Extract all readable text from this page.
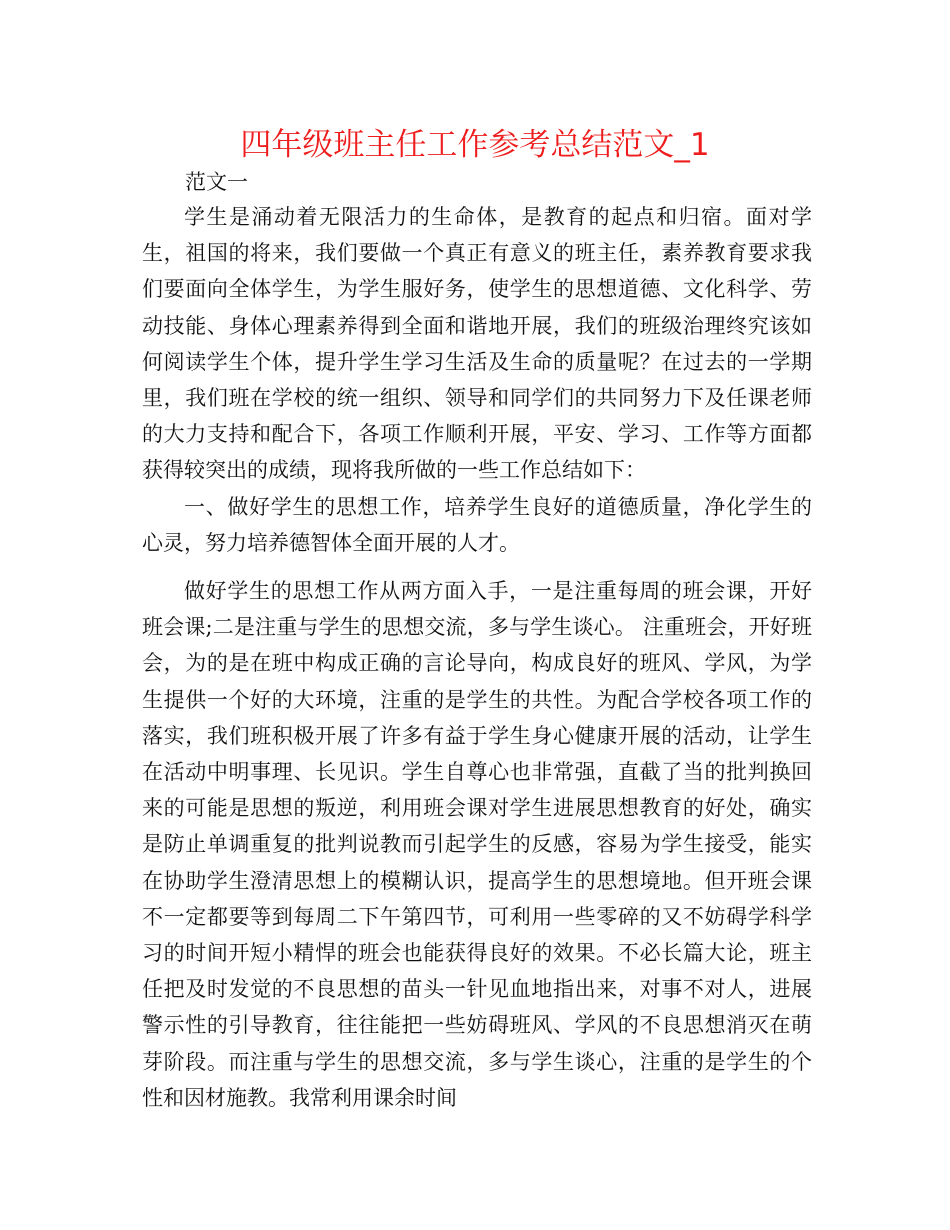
四年级班主任工作参考总结范文_1
范文一

学生是涌动着无限活力的生命体，是教育的起点和归宿。面对学生，祖国的将来，我们要做一个真正有意义的班主任，素养教育要求我们要面向全体学生，为学生服好务，使学生的思想道德、文化科学、劳动技能、身体心理素养得到全面和谐地开展，我们的班级治理终究该如何阅读学生个体，提升学生学习生活及生命的质量呢？在过去的一学期里，我们班在学校的统一组织、领导和同学们的共同努力下及任课老师的大力支持和配合下，各项工作顺利开展，平安、学习、工作等方面都获得较突出的成绩，现将我所做的一些工作总结如下：

一、做好学生的思想工作，培养学生良好的道德质量，净化学生的心灵，努力培养德智体全面开展的人才。

做好学生的思想工作从两方面入手，一是注重每周的班会课，开好班会课;二是注重与学生的思想交流，多与学生谈心。 注重班会，开好班会，为的是在班中构成正确的言论导向，构成良好的班风、学风，为学生提供一个好的大环境，注重的是学生的共性。为配合学校各项工作的落实，我们班积极开展了许多有益于学生身心健康开展的活动，让学生在活动中明事理、长见识。学生自尊心也非常强，直截了当的批判换回来的可能是思想的叛逆，利用班会课对学生进展思想教育的好处，确实是防止单调重复的批判说教而引起学生的反感，容易为学生接受，能实在协助学生澄清思想上的模糊认识，提高学生的思想境地。但开班会课不一定都要等到每周二下午第四节，可利用一些零碎的又不妨碍学科学习的时间开短小精悍的班会也能获得良好的效果。不必长篇大论，班主任把及时发觉的不良思想的苗头一针见血地指出来，对事不对人，进展警示性的引导教育，往往能把一些妨碍班风、学风的不良思想消灭在萌芽阶段。而注重与学生的思想交流，多与学生谈心，注重的是学生的个性和因材施教。我常利用课余时间
